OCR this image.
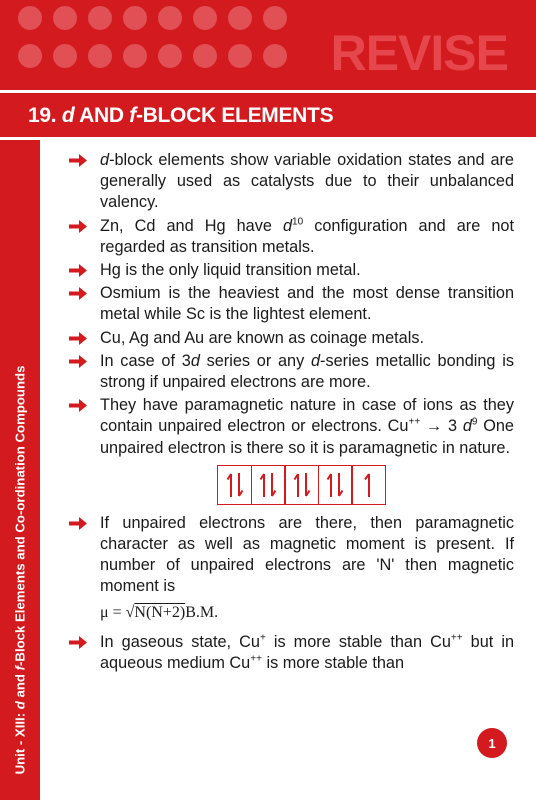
REVISE
19. d AND f-BLOCK ELEMENTS
Unit - XIII: d and f-Block Elements and Co-ordination Compounds
d-block elements show variable oxidation states and are generally used as catalysts due to their unbalanced valency.
Zn, Cd and Hg have $d^{10}$ configuration and are not regarded as transition metals.
Hg is the only liquid transition metal.
Osmium is the heaviest and the most dense transition metal while Sc is the lightest element.
Cu, Ag and Au are known as coinage metals.
In case of 3d series or any d-series metallic bonding is strong if unpaired electrons are more.
They have paramagnetic nature in case of ions as they contain unpaired electron or electrons. Cu++ → 3 $d^9$ One unpaired electron is there so it is paramagnetic in nature.
If unpaired electrons are there, then paramagnetic character as well as magnetic moment is present. If number of unpaired electrons are 'N' then magnetic moment is
μ = √N(N+2)B.M.
In gaseous state, Cu+ is more stable than Cu++ but in aqueous medium Cu++ is more stable than
1
